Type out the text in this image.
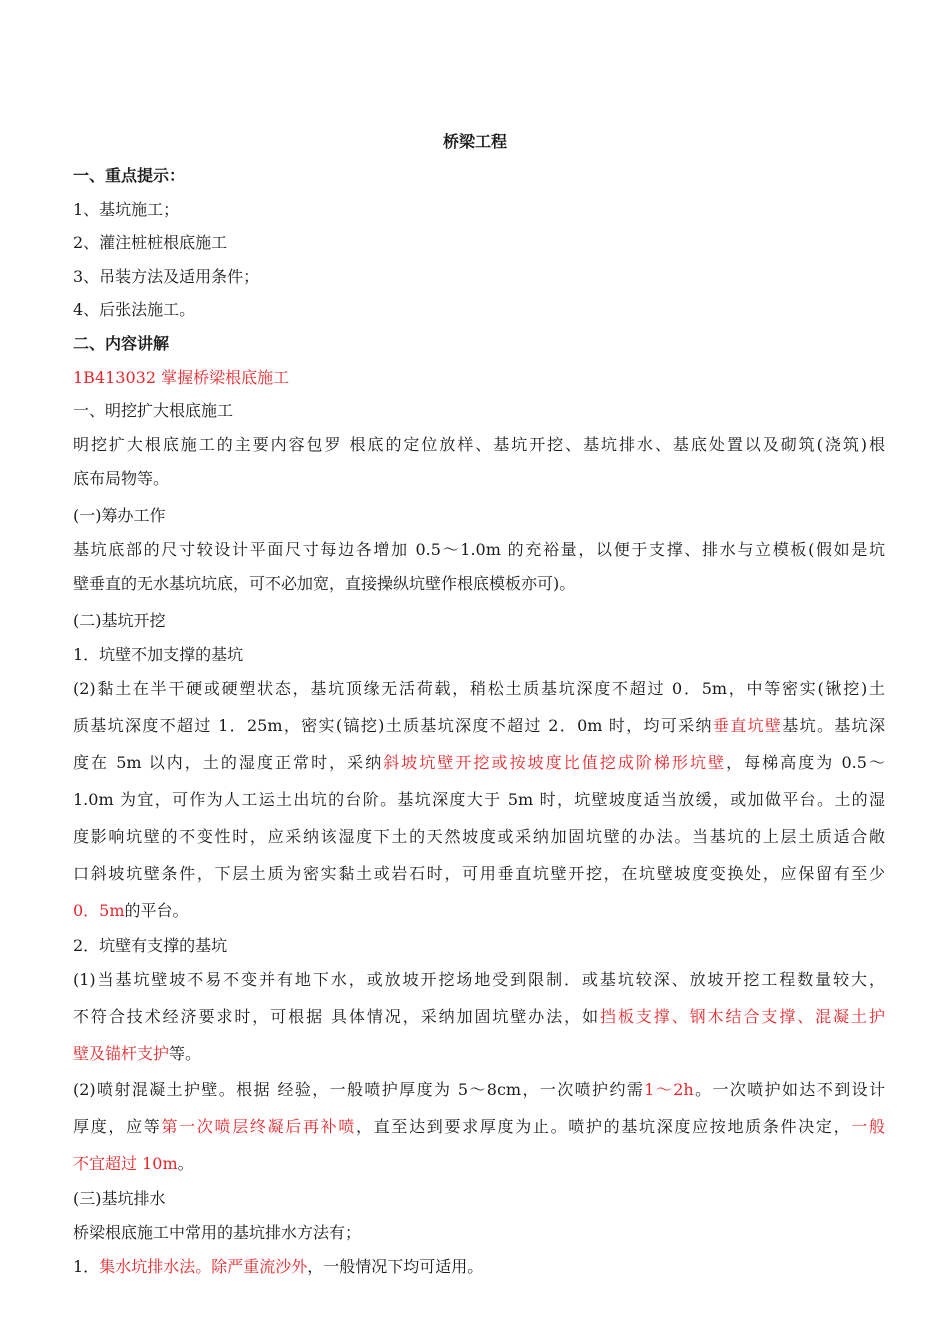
桥梁工程
一、重点提示：
1、基坑施工；
2、灌注桩桩根底施工
3、吊装方法及适用条件；
4、后张法施工。
二、内容讲解
1B413032 掌握桥梁根底施工
一、明挖扩大根底施工
明挖扩大根底施工的主要内容包罗 根底的定位放样、基坑开挖、基坑排水、基底处置以及砌筑(浇筑)根
底布局物等。
(一)筹办工作
基坑底部的尺寸较设计平面尺寸每边各增加 0.5～1.0m 的充裕量，以便于支撑、排水与立模板(假如是坑
壁垂直的无水基坑坑底，可不必加宽，直接操纵坑壁作根底模板亦可)。
(二)基坑开挖
1．坑壁不加支撑的基坑
(2)黏土在半干硬或硬塑状态，基坑顶缘无活荷载，稍松土质基坑深度不超过 0．5m，中等密实(锹挖)土
质基坑深度不超过 1．25m，密实(镐挖)土质基坑深度不超过 2．0m 时，均可采纳垂直坑壁基坑。基坑深
度在 5m 以内，土的湿度正常时，采纳斜坡坑壁开挖或按坡度比值挖成阶梯形坑壁，每梯高度为 0.5～
1.0m 为宜，可作为人工运土出坑的台阶。基坑深度大于 5m 时，坑壁坡度适当放缓，或加做平台。土的湿
度影响坑壁的不变性时，应采纳该湿度下土的天然坡度或采纳加固坑壁的办法。当基坑的上层土质适合敞
口斜坡坑壁条件，下层土质为密实黏土或岩石时，可用垂直坑壁开挖，在坑壁坡度变换处，应保留有至少
0．5m的平台。
2．坑壁有支撑的基坑
(1)当基坑壁坡不易不变并有地下水，或放坡开挖场地受到限制．或基坑较深、放坡开挖工程数量较大，
不符合技术经济要求时，可根据 具体情况，采纳加固坑壁办法，如挡板支撑、钢木结合支撑、混凝土护
壁及锚杆支护等。
(2)喷射混凝土护壁。根据 经验，一般喷护厚度为 5～8cm，一次喷护约需1～2h。一次喷护如达不到设计
厚度，应等第一次喷层终凝后再补喷，直至达到要求厚度为止。喷护的基坑深度应按地质条件决定，一般
不宜超过 10m。
(三)基坑排水
桥梁根底施工中常用的基坑排水方法有；
1．集水坑排水法。除严重流沙外，一般情况下均可适用。
